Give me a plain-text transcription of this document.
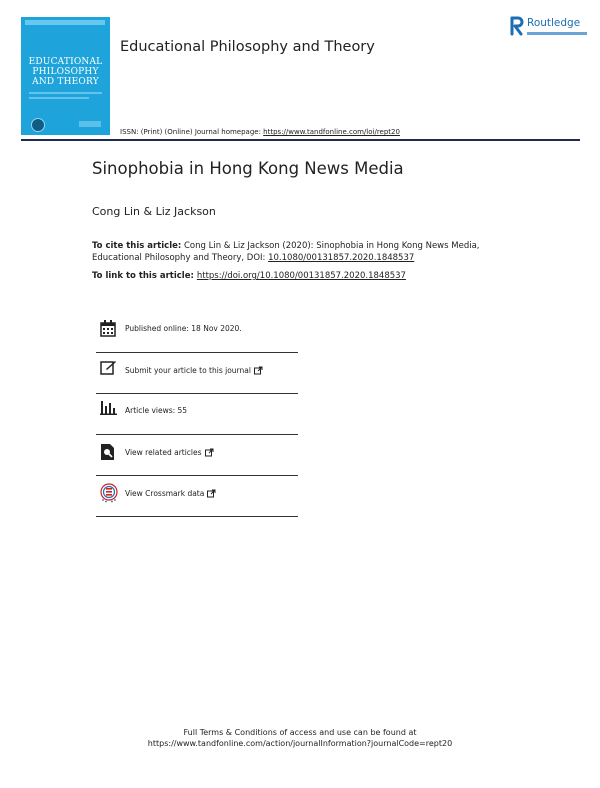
EDUCATIONAL
PHILOSOPHY
AND THEORY
Educational Philosophy and Theory
Routledge
ISSN: (Print) (Online) Journal homepage: https://www.tandfonline.com/loi/rept20
Sinophobia in Hong Kong News Media
Cong Lin & Liz Jackson
To cite this article: Cong Lin & Liz Jackson (2020): Sinophobia in Hong Kong News Media, Educational Philosophy and Theory, DOI: 10.1080/00131857.2020.1848537
To link to this article: https://doi.org/10.1080/00131857.2020.1848537
Published online: 18 Nov 2020.
Submit your article to this journal
Article views: 55
View related articles
View Crossmark data
Full Terms & Conditions of access and use can be found at
https://www.tandfonline.com/action/journalInformation?journalCode=rept20
